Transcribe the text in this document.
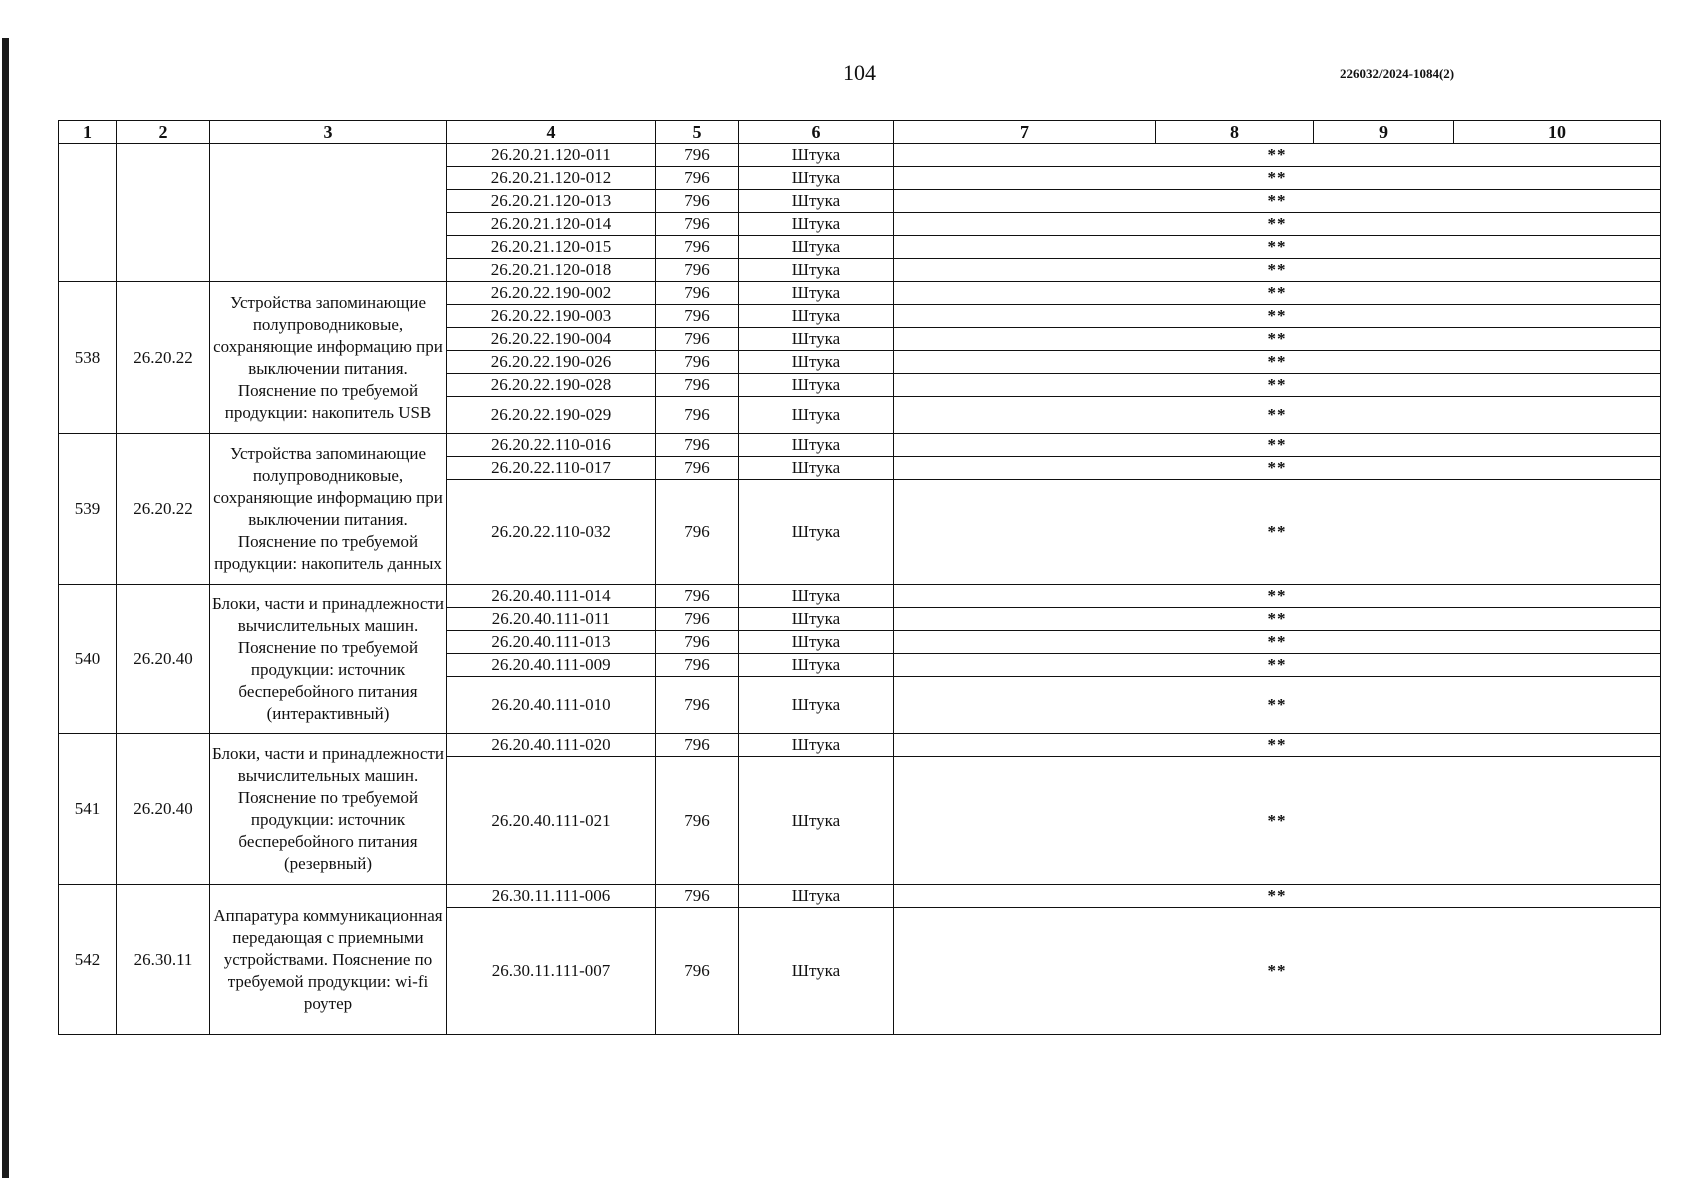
104	226032/2024-1084(2)
1	2	3	4	5	6	7	8	9	10
			26.20.21.120-011	796	Штука	**			
			26.20.21.120-012	796	Штука	**			
			26.20.21.120-013	796	Штука	**			
			26.20.21.120-014	796	Штука	**			
			26.20.21.120-015	796	Штука	**			
			26.20.21.120-018	796	Штука	**			
538	26.20.22	Устройства запоминающие полупроводниковые, сохраняющие информацию при выключении питания. Пояснение по требуемой продукции: накопитель USB	26.20.22.190-002	796	Штука	**			
			26.20.22.190-003	796	Штука	**			
			26.20.22.190-004	796	Штука	**			
			26.20.22.190-026	796	Штука	**			
			26.20.22.190-028	796	Штука	**			
			26.20.22.190-029	796	Штука	**			
539	26.20.22	Устройства запоминающие полупроводниковые, сохраняющие информацию при выключении питания. Пояснение по требуемой продукции: накопитель данных	26.20.22.110-016	796	Штука	**			
			26.20.22.110-017	796	Штука	**			
			26.20.22.110-032	796	Штука	**			
540	26.20.40	Блоки, части и принадлежности вычислительных машин. Пояснение по требуемой продукции: источник бесперебойного питания (интерактивный)	26.20.40.111-014	796	Штука	**			
			26.20.40.111-011	796	Штука	**			
			26.20.40.111-013	796	Штука	**			
			26.20.40.111-009	796	Штука	**			
			26.20.40.111-010	796	Штука	**			
541	26.20.40	Блоки, части и принадлежности вычислительных машин. Пояснение по требуемой продукции: источник бесперебойного питания (резервный)	26.20.40.111-020	796	Штука	**			
			26.20.40.111-021	796	Штука	**			
542	26.30.11	Аппаратура коммуникационная передающая с приемными устройствами. Пояснение по требуемой продукции: wi-fi роутер	26.30.11.111-006	796	Штука	**			
			26.30.11.111-007	796	Штука	**			
